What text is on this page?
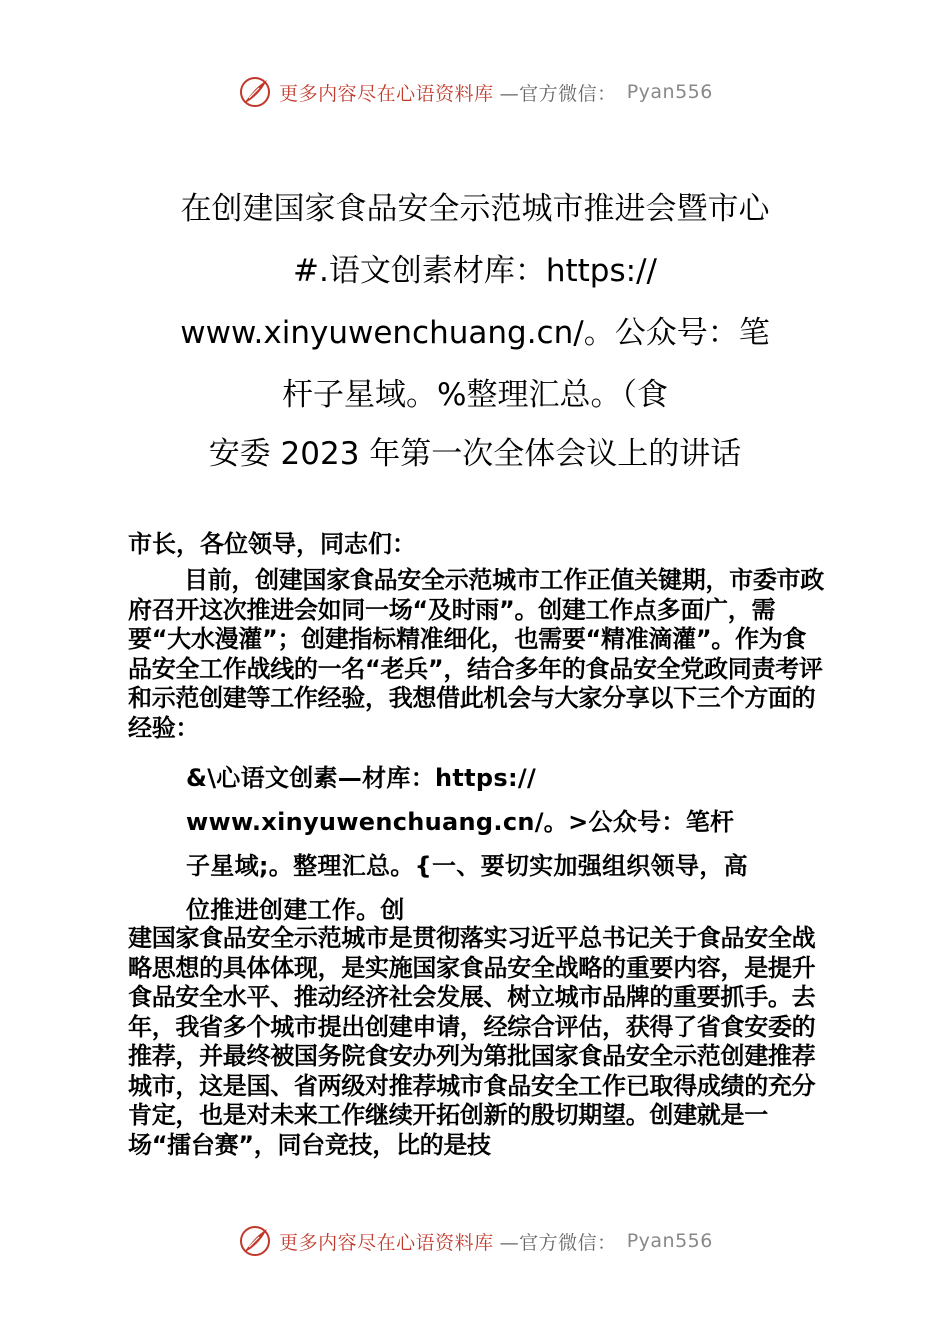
更多内容尽在心语资料库 —官方微信： Pyan556
在创建国家食品安全示范城市推进会暨市心
#.语文创素材库：https://
www.xinyuwenchuang.cn/。公众号：笔
杆子星域。%整理汇总。（食
安委 2023 年第一次全体会议上的讲话
市长，各位领导，同志们：
目前，创建国家食品安全示范城市工作正值关键期，市委市政府召开这次推进会如同一场“及时雨”。创建工作点多面广，需要“大水漫灌”；创建指标精准细化，也需要“精准滴灌”。作为食品安全工作战线的一名“老兵”，结合多年的食品安全党政同责考评和示范创建等工作经验，我想借此机会与大家分享以下三个方面的经验：
&\心语文创素—材库：https://
www.xinyuwenchuang.cn/。>公众号：笔杆
子星域;。整理汇总。{一、要切实加强组织领导，高
位推进创建工作。创
建国家食品安全示范城市是贯彻落实习近平总书记关于食品安全战略思想的具体体现，是实施国家食品安全战略的重要内容，是提升食品安全水平、推动经济社会发展、树立城市品牌的重要抓手。去年，我省多个城市提出创建申请，经综合评估，获得了省食安委的推荐，并最终被国务院食安办列为第批国家食品安全示范创建推荐城市，这是国、省两级对推荐城市食品安全工作已取得成绩的充分肯定，也是对未来工作继续开拓创新的殷切期望。创建就是一场“擂台赛”，同台竞技，比的是技
更多内容尽在心语资料库 —官方微信： Pyan556
